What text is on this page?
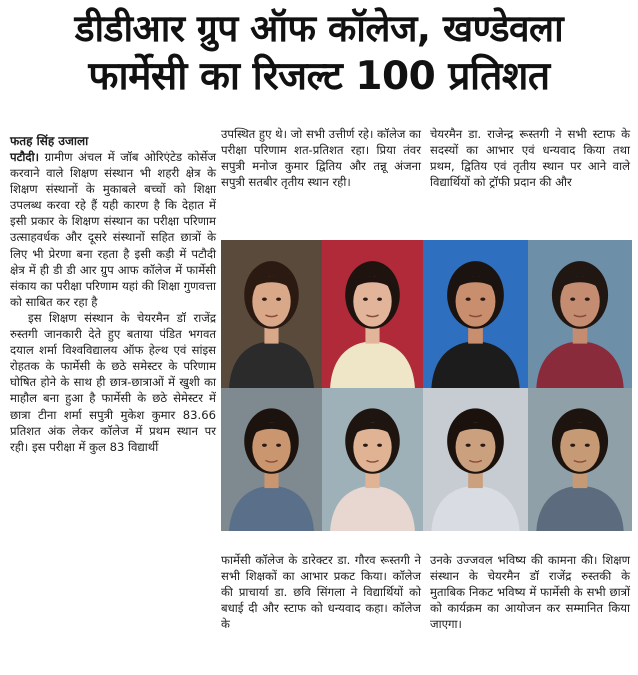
डीडीआर ग्रुप ऑफ कॉलेज, खण्डेवला
फार्मेसी का रिजल्ट 100 प्रतिशत

फतह सिंह उजाला

पटौदी। ग्रामीण अंचल में जॉब ओरिएंटेड कोर्सेज करवाने वाले शिक्षण संस्थान भी शहरी क्षेत्र के शिक्षण संस्थानों के मुकाबले बच्चों को शिक्षा उपलब्ध करवा रहे हैं यही कारण है कि देहात में इसी प्रकार के शिक्षण संस्थान का परीक्षा परिणाम उत्साहवर्धक और दूसरे संस्थानों सहित छात्रों के लिए भी प्रेरणा बना रहता है इसी कड़ी में पटौदी क्षेत्र में ही डी डी आर ग्रुप आफ कॉलेज में फार्मेसी संकाय का परीक्षा परिणाम यहां की शिक्षा गुणवत्ता को साबित कर रहा है

इस शिक्षण संस्थान के चेयरमैन डॉ राजेंद्र रुस्तगी जानकारी देते हुए बताया पंडित भगवत दयाल शर्मा विश्वविद्यालय ऑफ हेल्थ एवं सांइस रोहतक के फार्मेसी के छठे समेस्टर के परिणाम घोषित होने के साथ ही छात्र-छात्राओं में खुशी का माहौल बना हुआ है फार्मेसी के छठे सेमेस्टर में छात्रा टीना शर्मा सपुत्री मुकेश कुमार 83.66 प्रतिशत अंक लेकर कॉलेज में प्रथम स्थान पर रही। इस परीक्षा में कुल 83 विद्यार्थी

उपस्थित हुए थे। जो सभी उत्तीर्ण रहे। कॉलेज का परीक्षा परिणाम शत-प्रतिशत रहा। प्रिया तंवर सपुत्री मनोज कुमार द्वितिय और तन्नू अंजना सपुत्री सतबीर तृतीय स्थान रही।
चेयरमैन डा. राजेन्द्र रूस्तगी ने सभी स्टाफ के सदस्यों का आभार एवं धन्यवाद किया तथा प्रथम, द्वितिय एवं तृतीय स्थान पर आने वाले विद्यार्थियों को ट्रॉफी प्रदान की और
फार्मेसी कॉलेज के डारेक्टर डा. गौरव रूस्तगी ने सभी शिक्षकों का आभार प्रकट किया। कॉलेज की प्राचार्या डा. छवि सिंगला ने विद्यार्थियों को बधाई दी और स्टाफ को धन्यवाद कहा। कॉलेज के
उनके उज्जवल भविष्य की कामना की। शिक्षण संस्थान के चेयरमैन डॉ राजेंद्र रुस्तकी के मुताबिक निकट भविष्य में फार्मेसी के सभी छात्रों को कार्यक्रम का आयोजन कर सम्मानित किया जाएगा।
